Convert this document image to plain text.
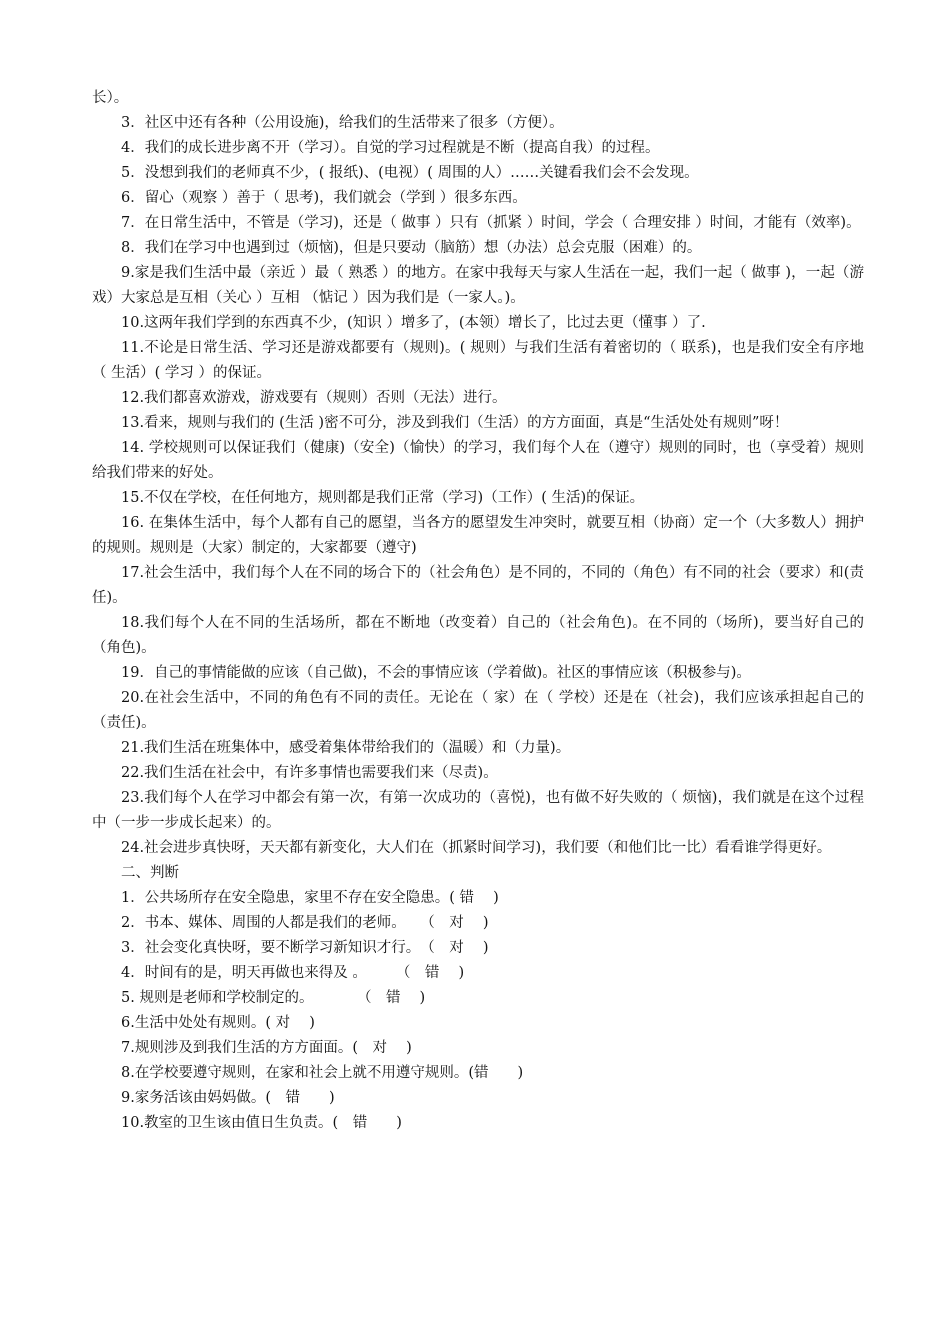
长）。

3．社区中还有各种（公用设施)，给我们的生活带来了很多（方便）。

4．我们的成长进步离不开（学习）。自觉的学习过程就是不断（提高自我）的过程。

5．没想到我们的老师真不少，( 报纸)、(电视）( 周围的人）……关键看我们会不会发现。

6．留心（观察 ）善于（ 思考)，我们就会（学到 ）很多东西。

7．在日常生活中，不管是（学习)，还是（ 做事 ）只有（抓紧 ）时间，学会（ 合理安排 ）时间，才能有（效率)。

8．我们在学习中也遇到过（烦恼)，但是只要动（脑筋）想（办法）总会克服（困难）的。

9.家是我们生活中最（亲近 ）最（ 熟悉 ）的地方。在家中我每天与家人生活在一起，我们一起（ 做事 )，一起（游戏）大家总是互相（关心 ）互相 （惦记 ）因为我们是（一家人。)。

10.这两年我们学到的东西真不少，(知识 ）增多了，(本领）增长了，比过去更（懂事 ）了.

11.不论是日常生活、学习还是游戏都要有（规则)。( 规则）与我们生活有着密切的（ 联系)，也是我们安全有序地（ 生活）( 学习 ）的保证。

12.我们都喜欢游戏，游戏要有（规则）否则（无法）进行。

13.看来，规则与我们的 (生活 )密不可分，涉及到我们（生活）的方方面面，真是“生活处处有规则”呀！

14. 学校规则可以保证我们（健康)（安全)（愉快）的学习，我们每个人在（遵守）规则的同时，也（享受着）规则给我们带来的好处。

15.不仅在学校，在任何地方，规则都是我们正常（学习)（工作）( 生活)的保证。

16. 在集体生活中，每个人都有自己的愿望，当各方的愿望发生冲突时，就要互相（协商）定一个（大多数人）拥护的规则。规则是（大家）制定的，大家都要（遵守)

17.社会生活中，我们每个人在不同的场合下的（社会角色）是不同的，不同的（角色）有不同的社会（要求）和(责任)。

18.我们每个人在不同的生活场所，都在不断地（改变着）自己的（社会角色)。在不同的（场所)，要当好自己的（角色)。

19．自己的事情能做的应该（自己做)，不会的事情应该（学着做)。社区的事情应该（积极参与)。

20.在社会生活中，不同的角色有不同的责任。无论在（ 家）在（ 学校）还是在（社会)，我们应该承担起自己的（责任)。

21.我们生活在班集体中，感受着集体带给我们的（温暖）和（力量)。

22.我们生活在社会中，有许多事情也需要我们来（尽责)。

23.我们每个人在学习中都会有第一次，有第一次成功的（喜悦)，也有做不好失败的（ 烦恼)，我们就是在这个过程中（一步一步成长起来）的。

24.社会进步真快呀，天天都有新变化，大人们在（抓紧时间学习)，我们要（和他们比一比）看看谁学得更好。

二、判断

1．公共场所存在安全隐患，家里不存在安全隐患。( 错　 )

2．书本、媒体、周围的人都是我们的老师。　　（　对　 )

3．社会变化真快呀，要不断学习新知识才行。　（　对　 )

4．时间有的是，明天再做也来得及 。　　　（　错　 )

5. 规则是老师和学校制定的。　　　　（　错　 )

6.生活中处处有规则。( 对　 )

7.规则涉及到我们生活的方方面面。(　对　 )

8.在学校要遵守规则，在家和社会上就不用遵守规则。(错　　)

9.家务活该由妈妈做。(　错　　)

10.教室的卫生该由值日生负责。(　错　　)
